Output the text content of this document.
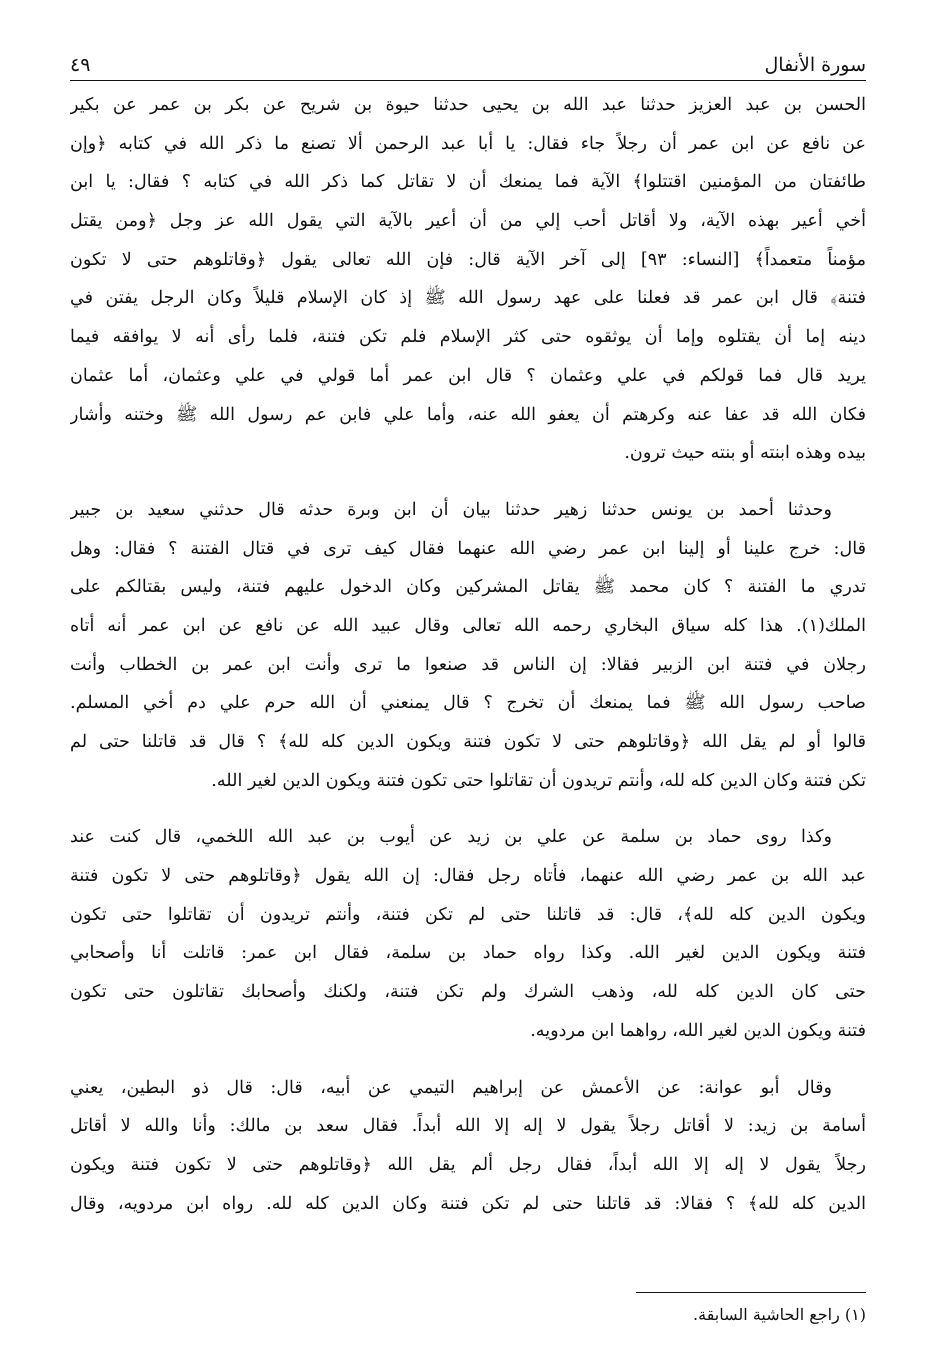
سورة الأنفال
٤٩
الحسن بن عبد العزيز حدثنا عبد الله بن يحيى حدثنا حيوة بن شريح عن بكر بن عمر عن بكير
عن نافع عن ابن عمر أن رجلاً جاء فقال: يا أبا عبد الرحمن ألا تصنع ما ذكر الله في كتابه ﴿وإن
طائفتان من المؤمنين اقتتلوا﴾ الآية فما يمنعك أن لا تقاتل كما ذكر الله في كتابه ؟ فقال: يا ابن
أخي أعير بهذه الآية، ولا أقاتل أحب إلي من أن أعير بالآية التي يقول الله عز وجل ﴿ومن يقتل
مؤمناً متعمداً﴾ [النساء: ٩٣] إلى آخر الآية قال: فإن الله تعالى يقول ﴿وقاتلوهم حتى لا تكون
فتنة﴾ قال ابن عمر قد فعلنا على عهد رسول الله ﷺ إذ كان الإسلام قليلاً وكان الرجل يفتن في
دينه إما أن يقتلوه وإما أن يوثقوه حتى كثر الإسلام فلم تكن فتنة، فلما رأى أنه لا يوافقه فيما
يريد قال فما قولكم في علي وعثمان ؟ قال ابن عمر أما قولي في علي وعثمان، أما عثمان
فكان الله قد عفا عنه وكرهتم أن يعفو الله عنه، وأما علي فابن عم رسول الله ﷺ وختنه وأشار
بيده وهذه ابنته أو بنته حيث ترون.
وحدثنا أحمد بن يونس حدثنا زهير حدثنا بيان أن ابن وبرة حدثه قال حدثني سعيد بن جبير
قال: خرج علينا أو إلينا ابن عمر رضي الله عنهما فقال كيف ترى في قتال الفتنة ؟ فقال: وهل
تدري ما الفتنة ؟ كان محمد ﷺ يقاتل المشركين وكان الدخول عليهم فتنة، وليس بقتالكم على
الملك(١). هذا كله سياق البخاري رحمه الله تعالى وقال عبيد الله عن نافع عن ابن عمر أنه أتاه
رجلان في فتنة ابن الزبير فقالا: إن الناس قد صنعوا ما ترى وأنت ابن عمر بن الخطاب وأنت
صاحب رسول الله ﷺ فما يمنعك أن تخرج ؟ قال يمنعني أن الله حرم علي دم أخي المسلم.
قالوا أو لم يقل الله ﴿وقاتلوهم حتى لا تكون فتنة ويكون الدين كله لله﴾ ؟ قال قد قاتلنا حتى لم
تكن فتنة وكان الدين كله لله، وأنتم تريدون أن تقاتلوا حتى تكون فتنة ويكون الدين لغير الله.
وكذا روى حماد بن سلمة عن علي بن زيد عن أيوب بن عبد الله اللخمي، قال كنت عند
عبد الله بن عمر رضي الله عنهما، فأتاه رجل فقال: إن الله يقول ﴿وقاتلوهم حتى لا تكون فتنة
ويكون الدين كله لله﴾، قال: قد قاتلنا حتى لم تكن فتنة، وأنتم تريدون أن تقاتلوا حتى تكون
فتنة ويكون الدين لغير الله. وكذا رواه حماد بن سلمة، فقال ابن عمر: قاتلت أنا وأصحابي
حتى كان الدين كله لله، وذهب الشرك ولم تكن فتنة، ولكنك وأصحابك تقاتلون حتى تكون
فتنة ويكون الدين لغير الله، رواهما ابن مردويه.
وقال أبو عوانة: عن الأعمش عن إبراهيم التيمي عن أبيه، قال: قال ذو البطين، يعني
أسامة بن زيد: لا أقاتل رجلاً يقول لا إله إلا الله أبداً. فقال سعد بن مالك: وأنا والله لا أقاتل
رجلاً يقول لا إله إلا الله أبداً، فقال رجل ألم يقل الله ﴿وقاتلوهم حتى لا تكون فتنة ويكون
الدين كله لله﴾ ؟ فقالا: قد قاتلنا حتى لم تكن فتنة وكان الدين كله لله. رواه ابن مردويه، وقال
(١) راجع الحاشية السابقة.
